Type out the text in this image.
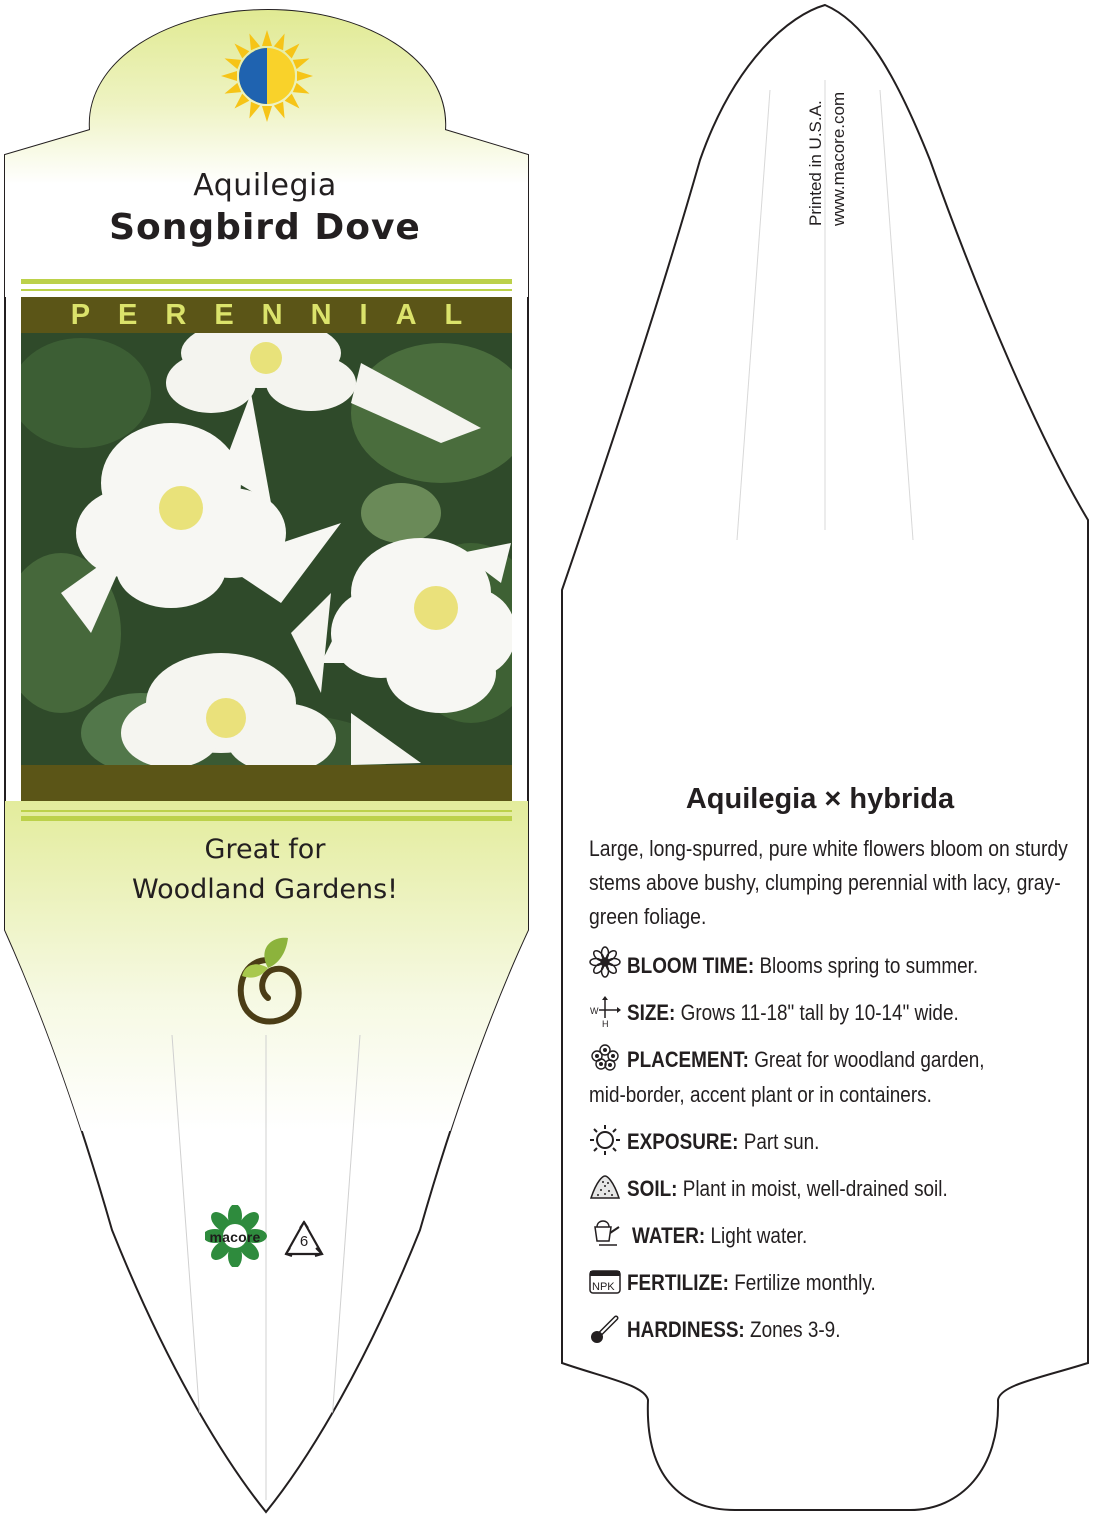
Aquilegia
Songbird Dove
PERENNIAL
Great for
Woodland Gardens!
macore	6
Printed in U.S.A. www.macore.com
Aquilegia × hybrida
Large, long-spurred, pure white flowers bloom on sturdy stems above bushy, clumping perennial with lacy, gray-green foliage.
BLOOM TIME: Blooms spring to summer.
W
H SIZE: Grows 11-18" tall by 10-14" wide.
PLACEMENT: Great for woodland garden,
mid-border, accent plant or in containers.
EXPOSURE: Part sun.
SOIL: Plant in moist, well-drained soil.
WATER: Light water.
NPK FERTILIZE: Fertilize monthly.
HARDINESS: Zones 3-9.
